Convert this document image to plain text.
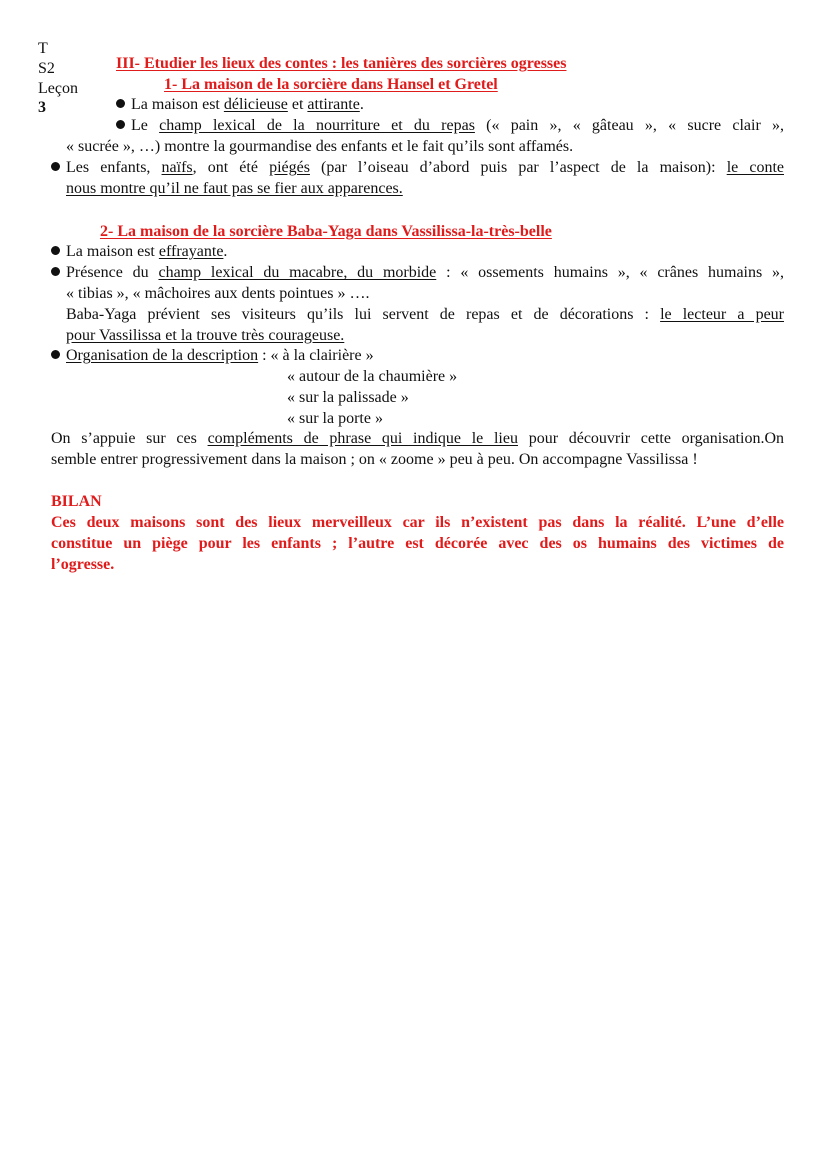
T
S2
Leçon
3
III- Etudier les lieux des contes : les tanières des sorcières ogresses
1- La maison de la sorcière dans Hansel et Gretel
La maison est délicieuse et attirante.
Le champ lexical de la nourriture et du repas (« pain », « gâteau », « sucre clair »,
« sucrée », …) montre la gourmandise des enfants et le fait qu’ils sont affamés.
Les enfants, naïfs, ont été piégés (par l’oiseau d’abord puis par l’aspect de la maison): le conte
nous montre qu’il ne faut pas se fier aux apparences.
2- La maison de la sorcière Baba-Yaga dans Vassilissa-la-très-belle
La maison est effrayante.
Présence du champ lexical du macabre, du morbide : « ossements humains », « crânes humains »,
« tibias », « mâchoires aux dents pointues » ….
Baba-Yaga prévient ses visiteurs qu’ils lui servent de repas et de décorations : le lecteur a peur
pour Vassilissa et la trouve très courageuse.
Organisation de la description : « à la clairière »
« autour de la chaumière »
« sur la palissade »
« sur la porte »
On s’appuie sur ces compléments de phrase qui indique le lieu pour découvrir cette organisation.On
semble entrer progressivement dans la maison ; on « zoome » peu à peu. On accompagne Vassilissa !
BILAN
Ces deux maisons sont des lieux merveilleux car ils n’existent pas dans la réalité. L’une d’elle
constitue un piège pour les enfants ; l’autre est décorée avec des os humains des victimes de
l’ogresse.
